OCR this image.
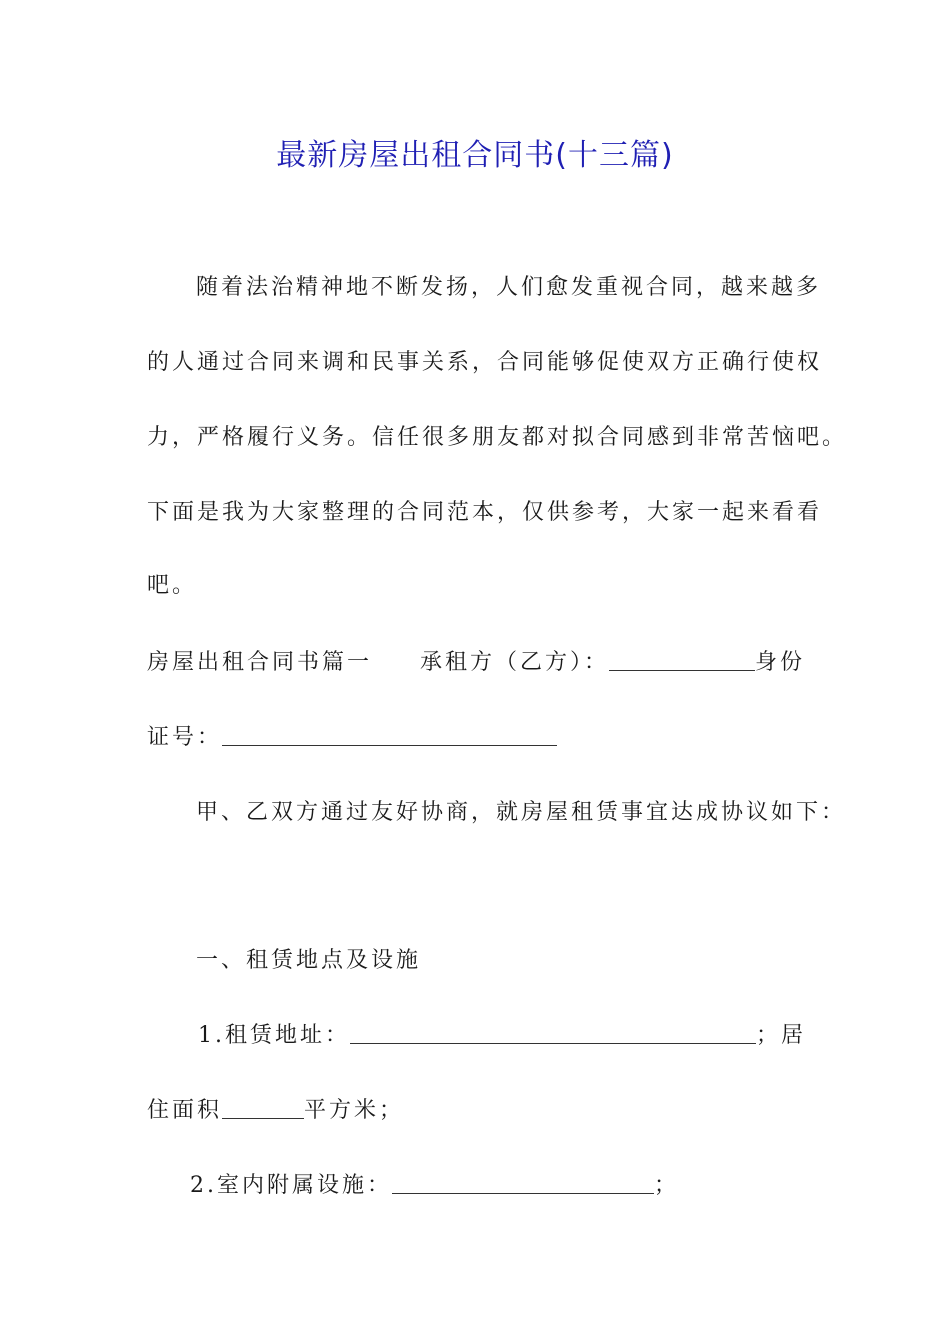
最新房屋出租合同书(十三篇)
随着法治精神地不断发扬，人们愈发重视合同，越来越多
的人通过合同来调和民事关系，合同能够促使双方正确行使权
力，严格履行义务。信任很多朋友都对拟合同感到非常苦恼吧。
下面是我为大家整理的合同范本，仅供参考，大家一起来看看
吧。
房屋出租合同书篇一 承租方（乙方）：	身份
证号：
甲、乙双方通过友好协商，就房屋租赁事宜达成协议如下：
一、租赁地点及设施
1.租赁地址：	；居
住面积	平方米；
2.室内附属设施：	；
